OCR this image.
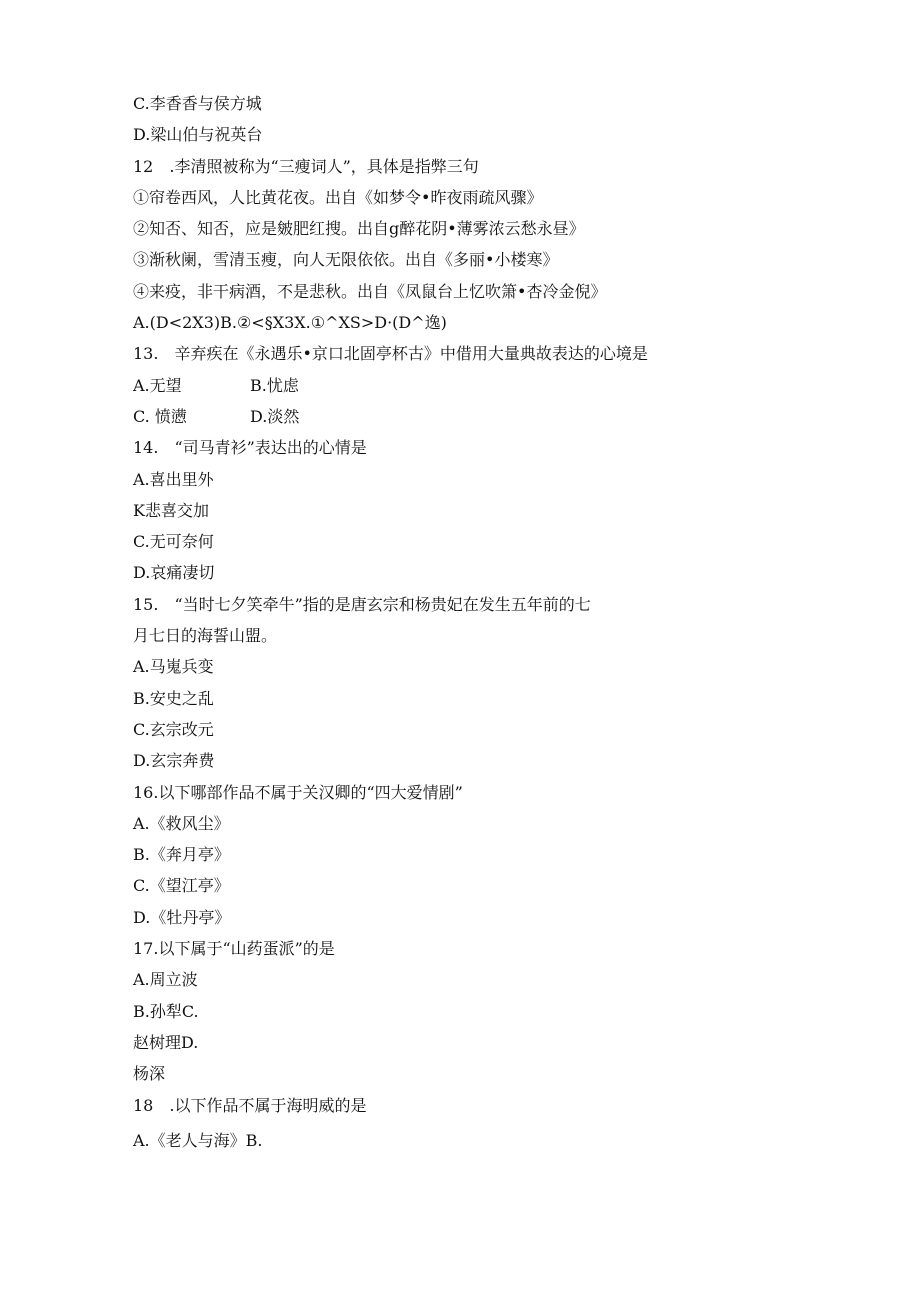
C.李香香与侯方城
D.梁山伯与祝英台
12　.李清照被称为“三瘦词人”，具体是指弊三句
①帘卷西风，人比黄花夜。出自《如梦令•昨夜雨疏风骤》
②知否、知否，应是皴肥红搜。出自g醉花阴•薄雾浓云愁永昼》
③渐秋阑，雪清玉瘦，向人无限依依。出自《多丽•小楼寒》
④来疫，非干病酒，不是悲秋。出自《凤鼠台上忆吹箫•杏冷金倪》
A.(D<2X3)B.②<§X3X.①^XS>D·(D^逸)
13.　辛弃疾在《永遇乐•京口北固亭杯古》中借用大量典故表达的心境是
A.无望	B.忧虑
C. 愤懑	D.淡然
14.　“司马青衫”表达出的心情是
A.喜出里外
K悲喜交加
C.无可奈何
D.哀痛凄切
15.　“当时七夕笑牵牛”指的是唐玄宗和杨贵妃在发生五年前的七
月七日的海誓山盟。
A.马嵬兵变
B.安史之乱
C.玄宗改元
D.玄宗奔费
16.以下哪部作品不属于关汉卿的“四大爱情剧”
A.《救风尘》
B.《奔月亭》
C.《望江亭》
D.《牡丹亭》
17.以下属于“山药蛋派”的是
A.周立波
B.孙犁C.
赵树理D.
杨深
18　.以下作品不属于海明威的是
A.《老人与海》B.
